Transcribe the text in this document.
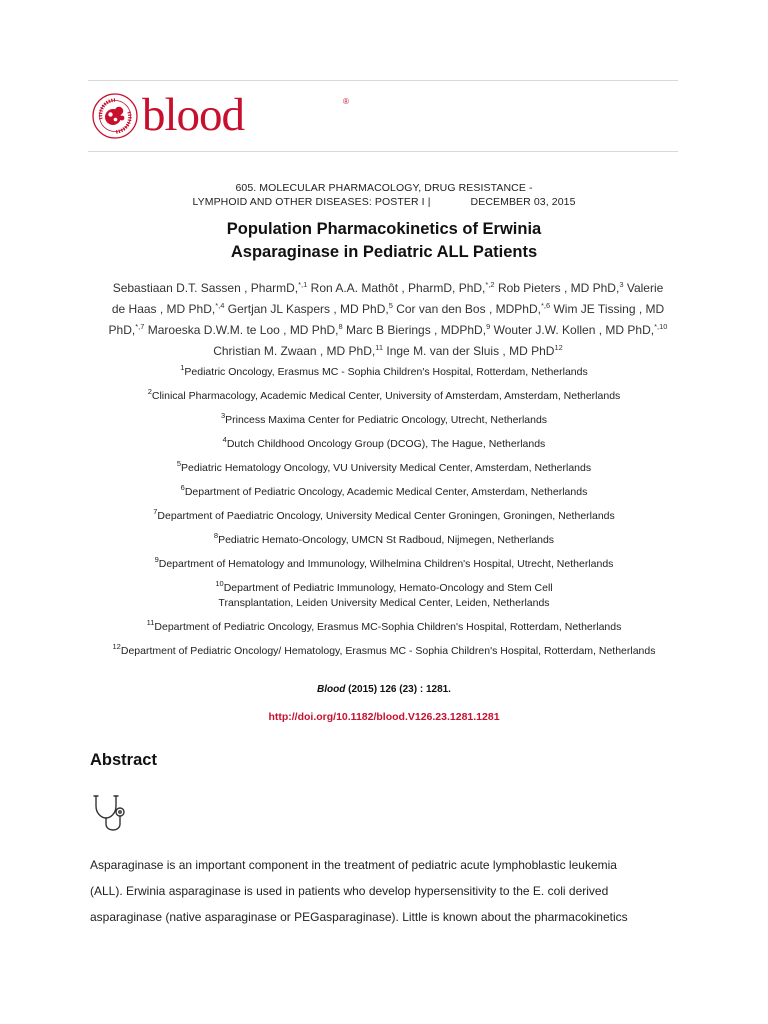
blood	®
605. MOLECULAR PHARMACOLOGY, DRUG RESISTANCE -
LYMPHOID AND OTHER DISEASES: POSTER I |	DECEMBER 03, 2015
Population Pharmacokinetics of Erwinia
Asparaginase in Pediatric ALL Patients
Sebastiaan D.T. Sassen , PharmD,$^{*,1}$ Ron A.A. Mathôt , PharmD, PhD,$^{*,2}$ Rob Pieters , MD PhD,$^3$ Valerie de Haas , MD PhD,$^{*,4}$ Gertjan JL Kaspers , MD PhD,$^5$ Cor van den Bos , MDPhD,$^{*,6}$ Wim JE Tissing , MD PhD,$^{*,7}$ Maroeska D.W.M. te Loo , MD PhD,$^8$ Marc B Bierings , MDPhD,$^9$ Wouter J.W. Kollen , MD PhD,$^{*,10}$ Christian M. Zwaan , MD PhD,$^{11}$ Inge M. van der Sluis , MD PhD$^{12}$
$^1$Pediatric Oncology, Erasmus MC - Sophia Children's Hospital, Rotterdam, Netherlands
$^2$Clinical Pharmacology, Academic Medical Center, University of Amsterdam, Amsterdam, Netherlands
$^3$Princess Maxima Center for Pediatric Oncology, Utrecht, Netherlands
$^4$Dutch Childhood Oncology Group (DCOG), The Hague, Netherlands
$^5$Pediatric Hematology Oncology, VU University Medical Center, Amsterdam, Netherlands
$^6$Department of Pediatric Oncology, Academic Medical Center, Amsterdam, Netherlands
$^7$Department of Paediatric Oncology, University Medical Center Groningen, Groningen, Netherlands
$^8$Pediatric Hemato-Oncology, UMCN St Radboud, Nijmegen, Netherlands
$^9$Department of Hematology and Immunology, Wilhelmina Children's Hospital, Utrecht, Netherlands
$^{10}$Department of Pediatric Immunology, Hemato-Oncology and Stem Cell
Transplantation, Leiden University Medical Center, Leiden, Netherlands
$^{11}$Department of Pediatric Oncology, Erasmus MC-Sophia Children's Hospital, Rotterdam, Netherlands
$^{12}$Department of Pediatric Oncology/ Hematology, Erasmus MC - Sophia Children's Hospital, Rotterdam, Netherlands
Blood (2015) 126 (23) : 1281.
http://doi.org/10.1182/blood.V126.23.1281.1281
Abstract
Asparaginase is an important component in the treatment of pediatric acute lymphoblastic leukemia
(ALL). Erwinia asparaginase is used in patients who develop hypersensitivity to the E. coli derived
asparaginase (native asparaginase or PEGasparaginase). Little is known about the pharmacokinetics
